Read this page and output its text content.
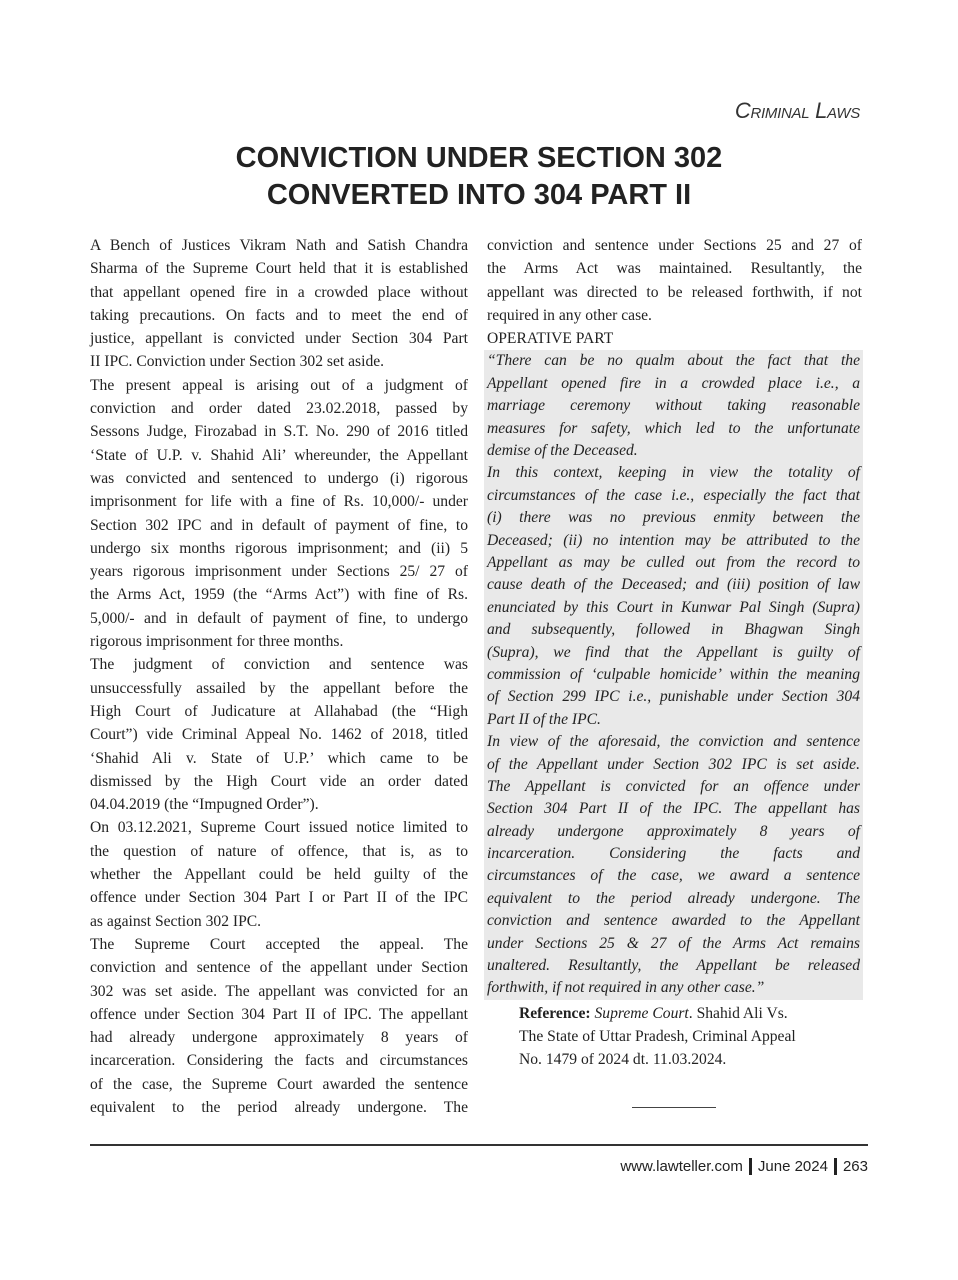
Criminal Laws
CONVICTION UNDER SECTION 302
CONVERTED INTO 304 PART II
A Bench of Justices Vikram Nath and Satish Chandra
Sharma of the Supreme Court held that it is established
that appellant opened fire in a crowded place without
taking precautions. On facts and to meet the end of
justice, appellant is convicted under Section 304 Part
II IPC. Conviction under Section 302 set aside.
The present appeal is arising out of a judgment of
conviction and order dated 23.02.2018, passed by
Sessons Judge, Firozabad in S.T. No. 290 of 2016 titled
‘State of U.P. v. Shahid Ali’ whereunder, the Appellant
was convicted and sentenced to undergo (i) rigorous
imprisonment for life with a fine of Rs. 10,000/- under
Section 302 IPC and in default of payment of fine, to
undergo six months rigorous imprisonment; and (ii) 5
years rigorous imprisonment under Sections 25/ 27 of
the Arms Act, 1959 (the “Arms Act”) with fine of Rs.
5,000/- and in default of payment of fine, to undergo
rigorous imprisonment for three months.
The judgment of conviction and sentence was
unsuccessfully assailed by the appellant before the
High Court of Judicature at Allahabad (the “High
Court”) vide Criminal Appeal No. 1462 of 2018, titled
‘Shahid Ali v. State of U.P.’ which came to be
dismissed by the High Court vide an order dated
04.04.2019 (the “Impugned Order”).
On 03.12.2021, Supreme Court issued notice limited to
the question of nature of offence, that is, as to
whether the Appellant could be held guilty of the
offence under Section 304 Part I or Part II of the IPC
as against Section 302 IPC.
The Supreme Court accepted the appeal. The
conviction and sentence of the appellant under Section
302 was set aside. The appellant was convicted for an
offence under Section 304 Part II of IPC. The appellant
had already undergone approximately 8 years of
incarceration. Considering the facts and circumstances
of the case, the Supreme Court awarded the sentence
equivalent to the period already undergone. The
conviction and sentence under Sections 25 and 27 of
the Arms Act was maintained. Resultantly, the
appellant was directed to be released forthwith, if not
required in any other case.
OPERATIVE PART
“There can be no qualm about the fact that the
Appellant opened fire in a crowded place i.e., a
marriage ceremony without taking reasonable
measures for safety, which led to the unfortunate
demise of the Deceased.
In this context, keeping in view the totality of
circumstances of the case i.e., especially the fact that
(i) there was no previous enmity between the
Deceased; (ii) no intention may be attributed to the
Appellant as may be culled out from the record to
cause death of the Deceased; and (iii) position of law
enunciated by this Court in Kunwar Pal Singh (Supra)
and subsequently, followed in Bhagwan Singh
(Supra), we find that the Appellant is guilty of
commission of ‘culpable homicide’ within the meaning
of Section 299 IPC i.e., punishable under Section 304
Part II of the IPC.
In view of the aforesaid, the conviction and sentence
of the Appellant under Section 302 IPC is set aside.
The Appellant is convicted for an offence under
Section 304 Part II of the IPC. The appellant has
already undergone approximately 8 years of
incarceration. Considering the facts and
circumstances of the case, we award a sentence
equivalent to the period already undergone. The
conviction and sentence awarded to the Appellant
under Sections 25 & 27 of the Arms Act remains
unaltered. Resultantly, the Appellant be released
forthwith, if not required in any other case.”
Reference: Supreme Court. Shahid Ali Vs.
The State of Uttar Pradesh, Criminal Appeal
No. 1479 of 2024 dt. 11.03.2024.
www.lawteller.com June 2024 263
